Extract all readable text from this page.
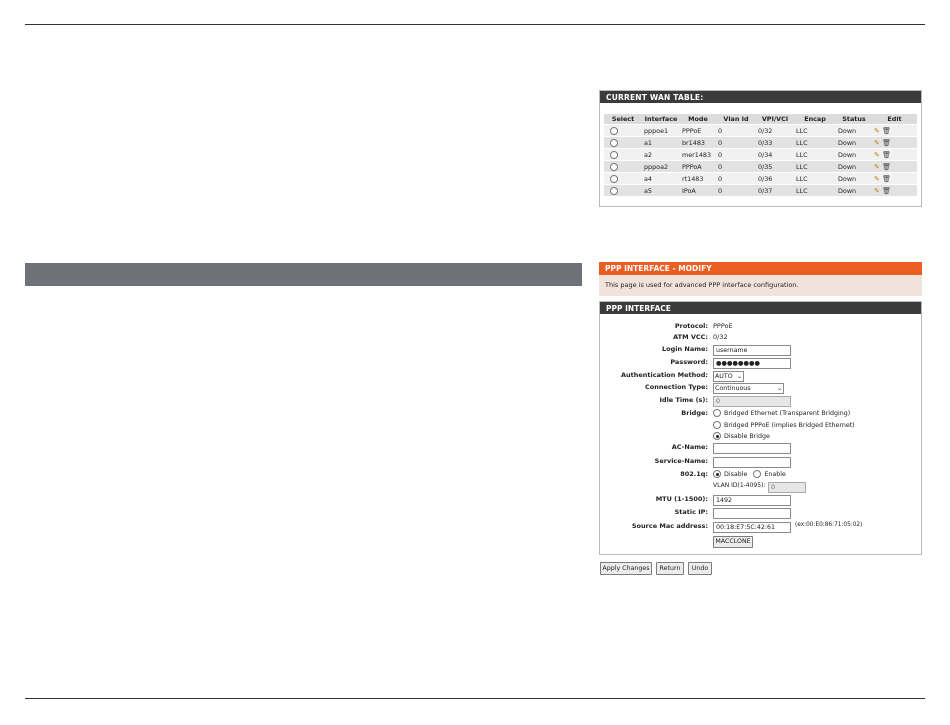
CURRENT WAN TABLE:
Select	Interface	Mode	Vlan Id	VPI/VCI	Encap	Status	Edit
	pppoe1	PPPoE	0	0/32	LLC	Down	✎ 🗑
	a1	br1483	0	0/33	LLC	Down	✎ 🗑
	a2	mer1483	0	0/34	LLC	Down	✎ 🗑
	pppoa2	PPPoA	0	0/35	LLC	Down	✎ 🗑
	a4	rt1483	0	0/36	LLC	Down	✎ 🗑
	a5	IPoA	0	0/37	LLC	Down	✎ 🗑
PPP INTERFACE - MODIFY
This page is used for advanced PPP interface configuration.
PPP INTERFACE
Protocol: PPPoE
ATM VCC: 0/32
Login Name:	username
Password:	●●●●●●●●
Authentication Method:	AUTO ⌄
Connection Type:	Continuous	⌄
Idle Time (s):	0
Bridge:	Bridged Ethernet (Transparent Bridging)
Bridged PPPoE (implies Bridged Ethernet)
Disable Bridge
AC-Name:
Service-Name:
802.1q:	Disable	Enable
VLAN ID(1-4095): 0
MTU (1-1500):	1492
Static IP:
Source Mac address:	00:18:E7:5C:42:61	(ex:00:E0:86:71:05:02)
MACCLONE
Apply Changes	Return	Undo
